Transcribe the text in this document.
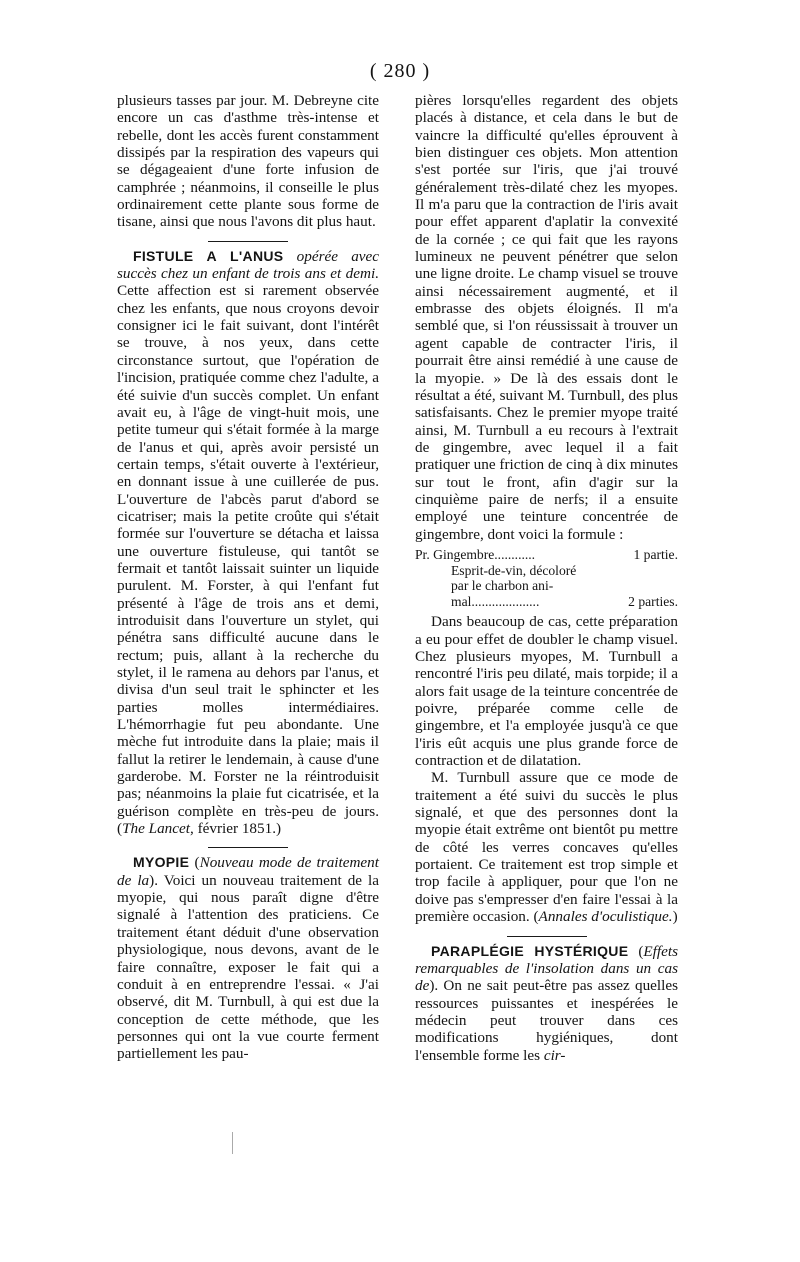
( 280 )

plusieurs tasses par jour. M. Debreyne cite encore un cas d'asthme très-intense et rebelle, dont les accès furent constamment dissipés par la respiration des vapeurs qui se dégageaient d'une forte infusion de camphrée ; néanmoins, il conseille le plus ordinairement cette plante sous forme de tisane, ainsi que nous l'avons dit plus haut.

FISTULE A L'ANUS opérée avec succès chez un enfant de trois ans et demi. Cette affection est si rarement observée chez les enfants, que nous croyons devoir consigner ici le fait suivant, dont l'intérêt se trouve, à nos yeux, dans cette circonstance surtout, que l'opération de l'incision, pratiquée comme chez l'adulte, a été suivie d'un succès complet. Un enfant avait eu, à l'âge de vingt-huit mois, une petite tumeur qui s'était formée à la marge de l'anus et qui, après avoir persisté un certain temps, s'était ouverte à l'extérieur, en donnant issue à une cuillerée de pus. L'ouverture de l'abcès parut d'abord se cicatriser; mais la petite croûte qui s'était formée sur l'ouverture se détacha et laissa une ouverture fistuleuse, qui tantôt se fermait et tantôt laissait suinter un liquide purulent. M. Forster, à qui l'enfant fut présenté à l'âge de trois ans et demi, introduisit dans l'ouverture un stylet, qui pénétra sans difficulté aucune dans le rectum; puis, allant à la recherche du stylet, il le ramena au dehors par l'anus, et divisa d'un seul trait le sphincter et les parties molles intermédiaires. L'hémorrhagie fut peu abondante. Une mèche fut introduite dans la plaie; mais il fallut la retirer le lendemain, à cause d'une garderobe. M. Forster ne la réintroduisit pas; néanmoins la plaie fut cicatrisée, et la guérison complète en très-peu de jours. (The Lancet, février 1851.)

MYOPIE (Nouveau mode de traitement de la). Voici un nouveau traitement de la myopie, qui nous paraît digne d'être signalé à l'attention des praticiens. Ce traitement étant déduit d'une observation physiologique, nous devons, avant de le faire connaître, exposer le fait qui a conduit à en entreprendre l'essai. « J'ai observé, dit M. Turnbull, à qui est due la conception de cette méthode, que les personnes qui ont la vue courte ferment partiellement les pau-

pières lorsqu'elles regardent des objets placés à distance, et cela dans le but de vaincre la difficulté qu'elles éprouvent à bien distinguer ces objets. Mon attention s'est portée sur l'iris, que j'ai trouvé généralement très-dilaté chez les myopes. Il m'a paru que la contraction de l'iris avait pour effet apparent d'aplatir la convexité de la cornée ; ce qui fait que les rayons lumineux ne peuvent pénétrer que selon une ligne droite. Le champ visuel se trouve ainsi nécessairement augmenté, et il embrasse des objets éloignés. Il m'a semblé que, si l'on réussissait à trouver un agent capable de contracter l'iris, il pourrait être ainsi remédié à une cause de la myopie. » De là des essais dont le résultat a été, suivant M. Turnbull, des plus satisfaisants. Chez le premier myope traité ainsi, M. Turnbull a eu recours à l'extrait de gingembre, avec lequel il a fait pratiquer une friction de cinq à dix minutes sur tout le front, afin d'agir sur la cinquième paire de nerfs; il a ensuite employé une teinture concentrée de gingembre, dont voici la formule :

Pr. Gingembre............	1 partie.
Esprit-de-vin, décoloré
par le charbon ani-
mal....................	2 parties.

Dans beaucoup de cas, cette préparation a eu pour effet de doubler le champ visuel. Chez plusieurs myopes, M. Turnbull a rencontré l'iris peu dilaté, mais torpide; il a alors fait usage de la teinture concentrée de poivre, préparée comme celle de gingembre, et l'a employée jusqu'à ce que l'iris eût acquis une plus grande force de contraction et de dilatation.

M. Turnbull assure que ce mode de traitement a été suivi du succès le plus signalé, et que des personnes dont la myopie était extrême ont bientôt pu mettre de côté les verres concaves qu'elles portaient. Ce traitement est trop simple et trop facile à appliquer, pour que l'on ne doive pas s'empresser d'en faire l'essai à la première occasion. (Annales d'oculistique.)

PARAPLÉGIE HYSTÉRIQUE (Effets remarquables de l'insolation dans un cas de). On ne sait peut-être pas assez quelles ressources puissantes et inespérées le médecin peut trouver dans ces modifications hygiéniques, dont l'ensemble forme les cir-
